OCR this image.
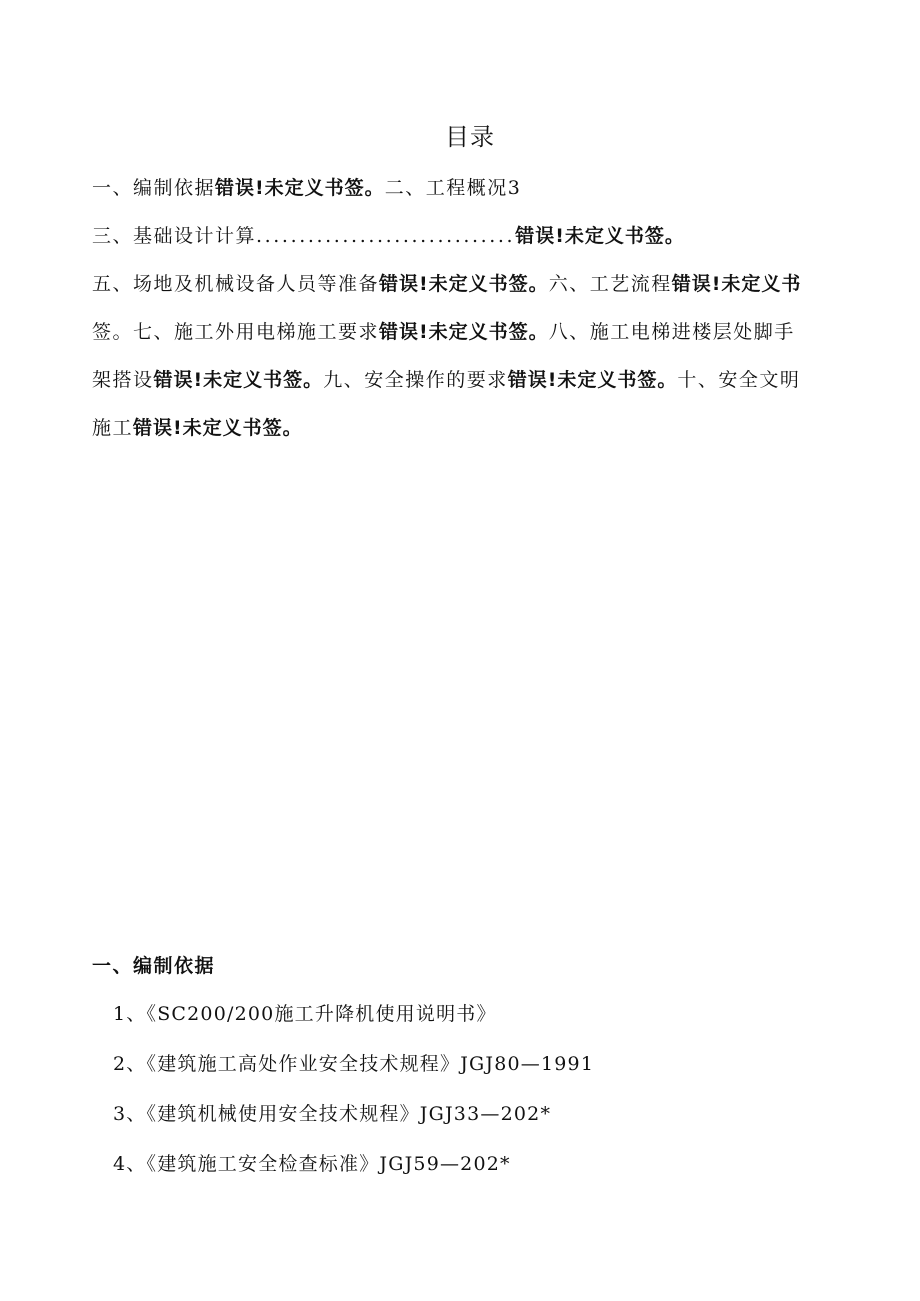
目录
一、编制依据错误!未定义书签。二、工程概况3
三、基础设计计算..............................错误!未定义书签。
五、场地及机械设备人员等准备错误!未定义书签。六、工艺流程错误!未定义书
签。七、施工外用电梯施工要求错误!未定义书签。八、施工电梯进楼层处脚手
架搭设错误!未定义书签。九、安全操作的要求错误!未定义书签。十、安全文明
施工错误!未定义书签。
一、编制依据
1、《SC200/200施工升降机使用说明书》
2、《建筑施工高处作业安全技术规程》JGJ80—1991
3、《建筑机械使用安全技术规程》JGJ33—202*
4、《建筑施工安全检查标准》JGJ59—202*
